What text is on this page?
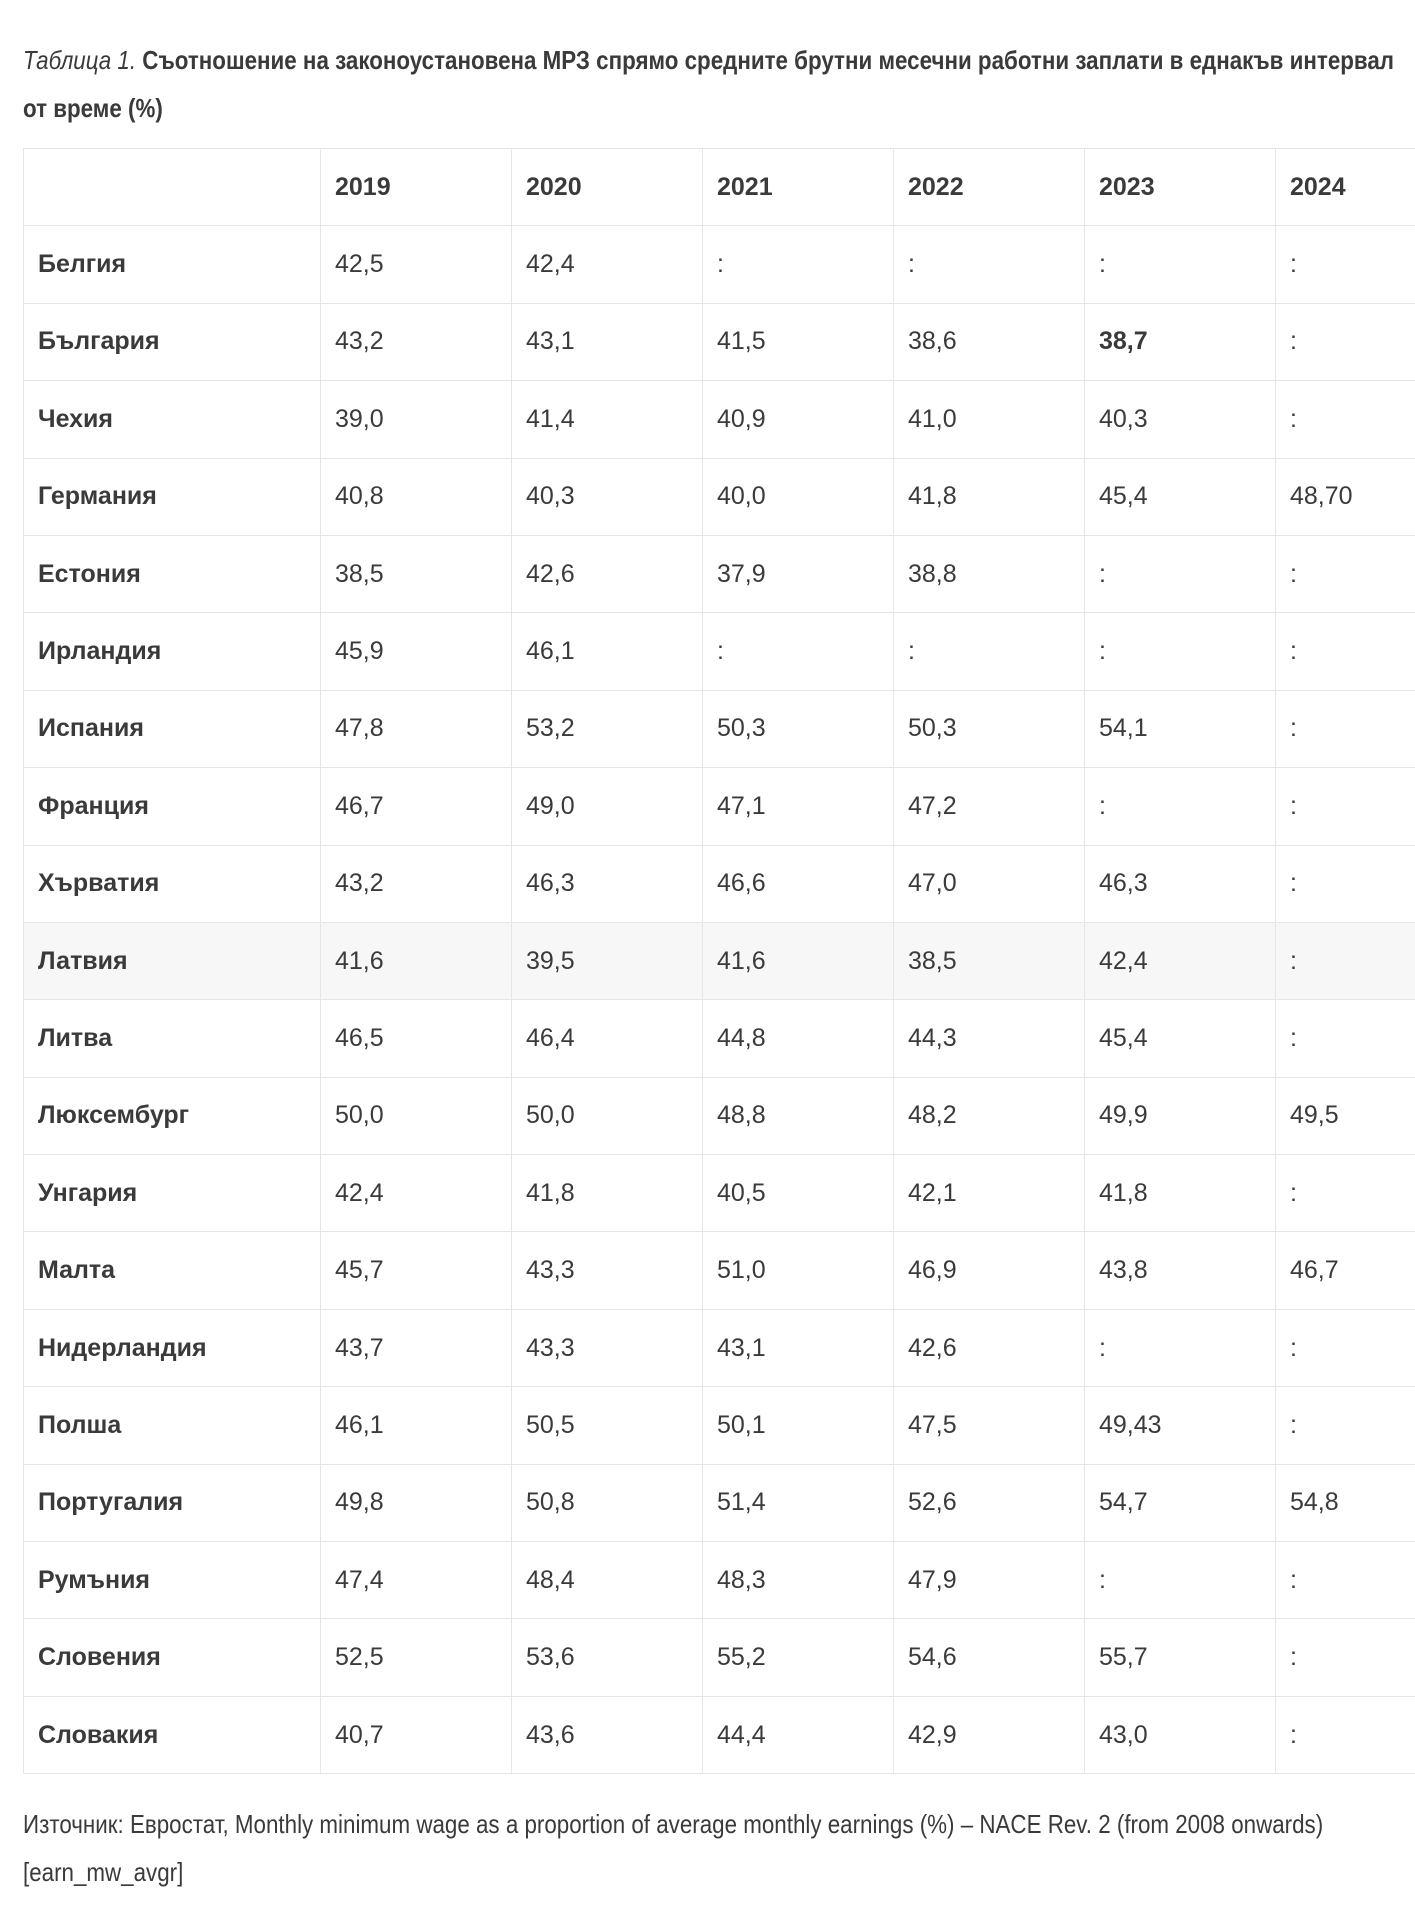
Таблица 1. Съотношение на законоустановена МРЗ спрямо средните брутни месечни работни заплати в еднакъв интервал от време (%)

	2019	2020	2021	2022	2023	2024
Белгия	42,5	42,4	:	:	:	:
България	43,2	43,1	41,5	38,6	38,7	:
Чехия	39,0	41,4	40,9	41,0	40,3	:
Германия	40,8	40,3	40,0	41,8	45,4	48,70
Естония	38,5	42,6	37,9	38,8	:	:
Ирландия	45,9	46,1	:	:	:	:
Испания	47,8	53,2	50,3	50,3	54,1	:
Франция	46,7	49,0	47,1	47,2	:	:
Хърватия	43,2	46,3	46,6	47,0	46,3	:
Латвия	41,6	39,5	41,6	38,5	42,4	:
Литва	46,5	46,4	44,8	44,3	45,4	:
Люксембург	50,0	50,0	48,8	48,2	49,9	49,5
Унгария	42,4	41,8	40,5	42,1	41,8	:
Малта	45,7	43,3	51,0	46,9	43,8	46,7
Нидерландия	43,7	43,3	43,1	42,6	:	:
Полша	46,1	50,5	50,1	47,5	49,43	:
Португалия	49,8	50,8	51,4	52,6	54,7	54,8
Румъния	47,4	48,4	48,3	47,9	:	:
Словения	52,5	53,6	55,2	54,6	55,7	:
Словакия	40,7	43,6	44,4	42,9	43,0	:

Източник: Евростат, Monthly minimum wage as a proportion of average monthly earnings (%) – NACE Rev. 2 (from 2008 onwards) [earn_mw_avgr]
